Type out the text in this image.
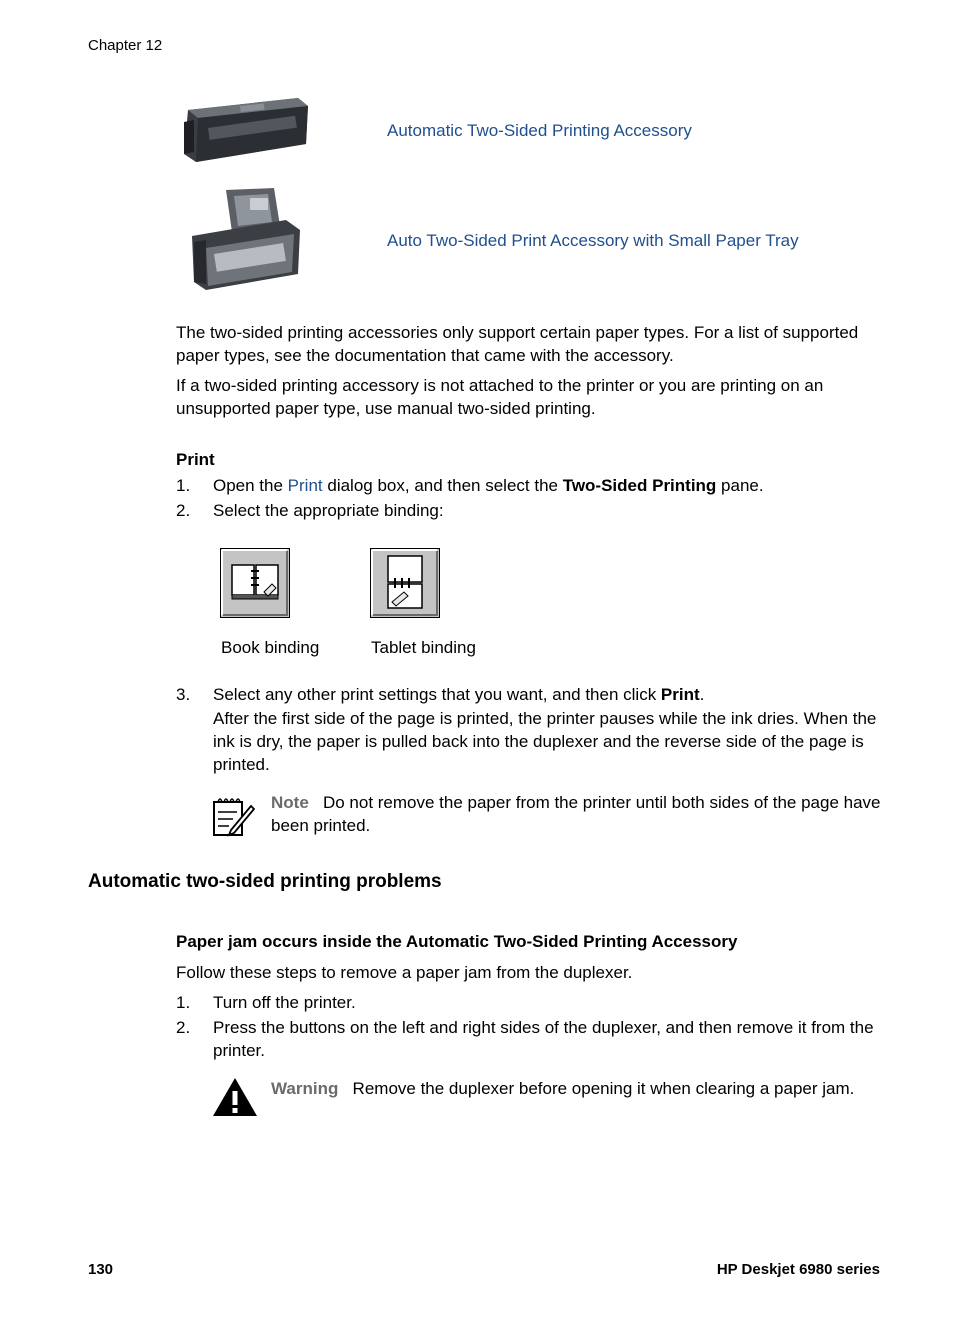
Chapter 12
Automatic Two-Sided Printing Accessory
Auto Two-Sided Print Accessory with Small Paper Tray
The two-sided printing accessories only support certain paper types. For a list of supported paper types, see the documentation that came with the accessory.
If a two-sided printing accessory is not attached to the printer or you are printing on an unsupported paper type, use manual two-sided printing.
Print
1. Open the Print dialog box, and then select the Two-Sided Printing pane.
2. Select the appropriate binding:
Book binding	Tablet binding
3. Select any other print settings that you want, and then click Print.
After the first side of the page is printed, the printer pauses while the ink dries. When the ink is dry, the paper is pulled back into the duplexer and the reverse side of the page is printed.
Note Do not remove the paper from the printer until both sides of the page have been printed.
Automatic two-sided printing problems
Paper jam occurs inside the Automatic Two-Sided Printing Accessory
Follow these steps to remove a paper jam from the duplexer.
1. Turn off the printer.
2. Press the buttons on the left and right sides of the duplexer, and then remove it from the printer.
Warning Remove the duplexer before opening it when clearing a paper jam.
130	HP Deskjet 6980 series
